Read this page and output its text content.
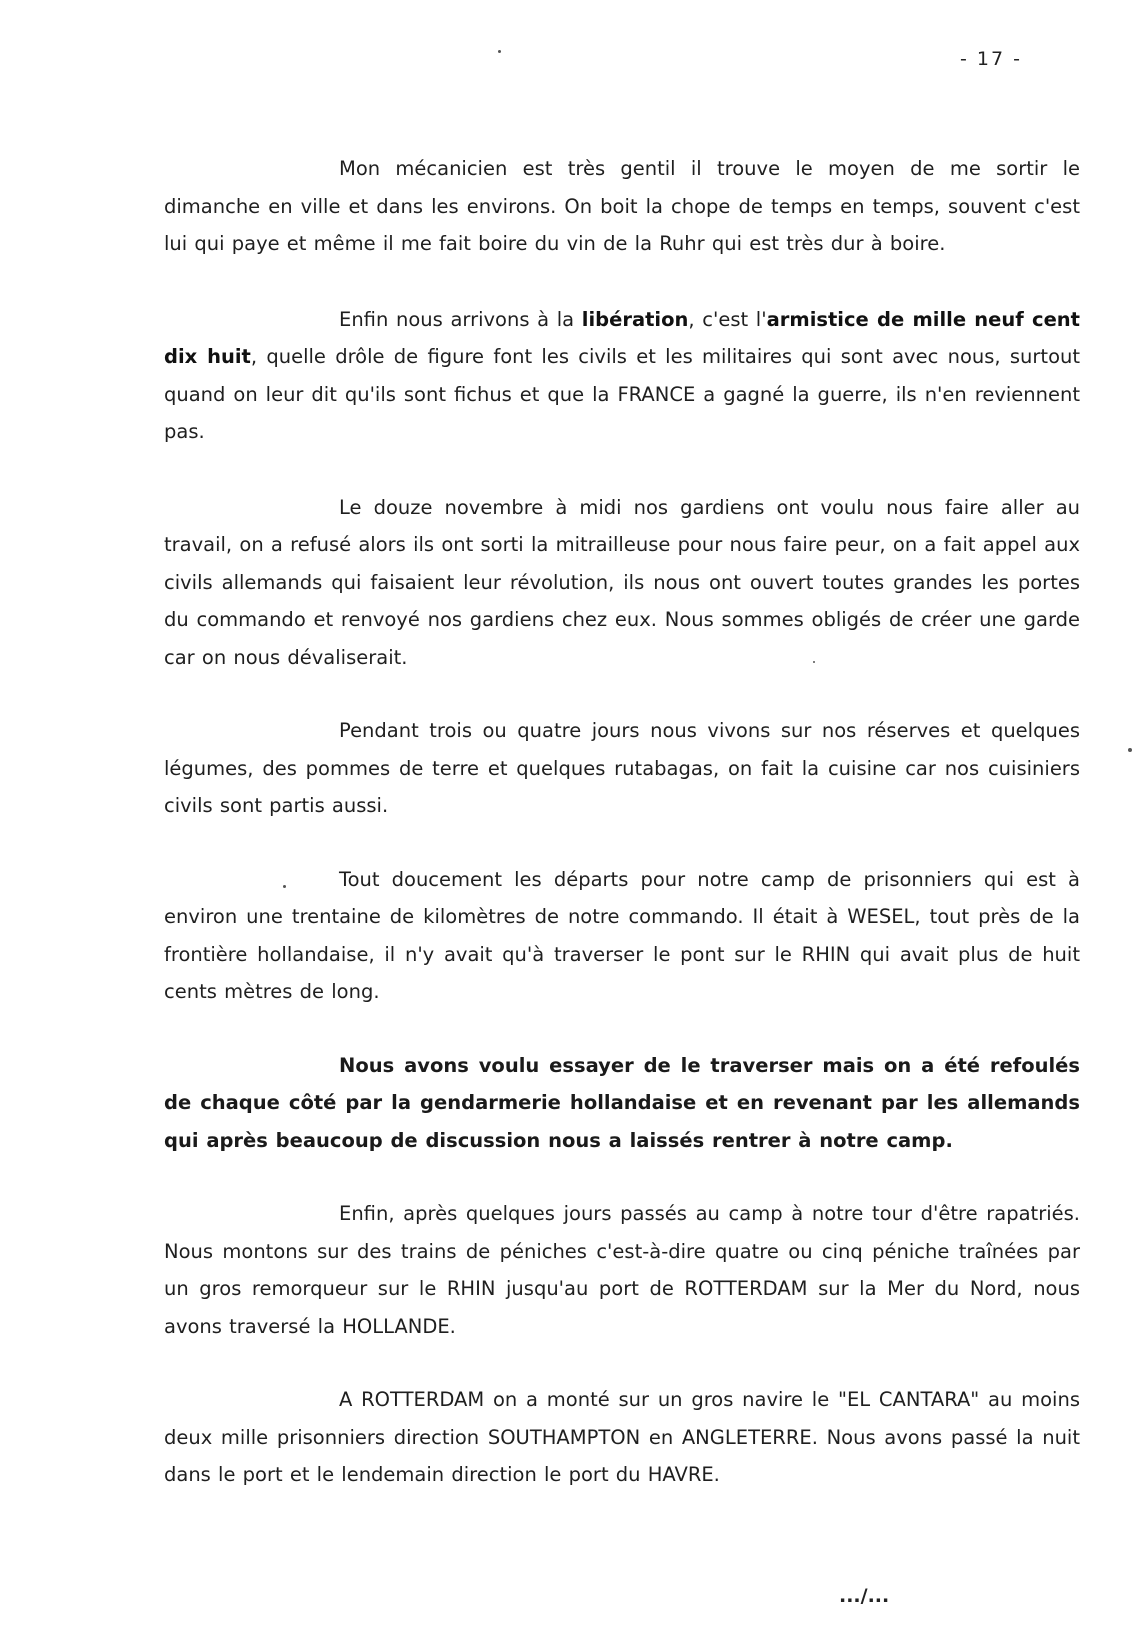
- 17 -

Mon mécanicien est très gentil il trouve le moyen de me sortir le dimanche en ville et dans les environs. On boit la chope de temps en temps, souvent c'est lui qui paye et même il me fait boire du vin de la Ruhr qui est très dur à boire.

Enfin nous arrivons à la libération, c'est l'armistice de mille neuf cent dix huit, quelle drôle de figure font les civils et les militaires qui sont avec nous, surtout quand on leur dit qu'ils sont fichus et que la FRANCE a gagné la guerre, ils n'en reviennent pas.

Le douze novembre à midi nos gardiens ont voulu nous faire aller au travail, on a refusé alors ils ont sorti la mitrailleuse pour nous faire peur, on a fait appel aux civils allemands qui faisaient leur révolution, ils nous ont ouvert toutes grandes les portes du commando et renvoyé nos gardiens chez eux. Nous sommes obligés de créer une garde car on nous dévaliserait.

Pendant trois ou quatre jours nous vivons sur nos réserves et quelques légumes, des pommes de terre et quelques rutabagas, on fait la cuisine car nos cuisiniers civils sont partis aussi.

Tout doucement les départs pour notre camp de prisonniers qui est à environ une trentaine de kilomètres de notre commando. Il était à WESEL, tout près de la frontière hollandaise, il n'y avait qu'à traverser le pont sur le RHIN qui avait plus de huit cents mètres de long.

Nous avons voulu essayer de le traverser mais on a été refoulés de chaque côté par la gendarmerie hollandaise et en revenant par les allemands qui après beaucoup de discussion nous a laissés rentrer à notre camp.

Enfin, après quelques jours passés au camp à notre tour d'être rapatriés. Nous montons sur des trains de péniches c'est-à-dire quatre ou cinq péniche traînées par un gros remorqueur sur le RHIN jusqu'au port de ROTTERDAM sur la Mer du Nord, nous avons traversé la HOLLANDE.

A ROTTERDAM on a monté sur un gros navire le "EL CANTARA" au moins deux mille prisonniers direction SOUTHAMPTON en ANGLETERRE. Nous avons passé la nuit dans le port et le lendemain direction le port du HAVRE.

.../...
